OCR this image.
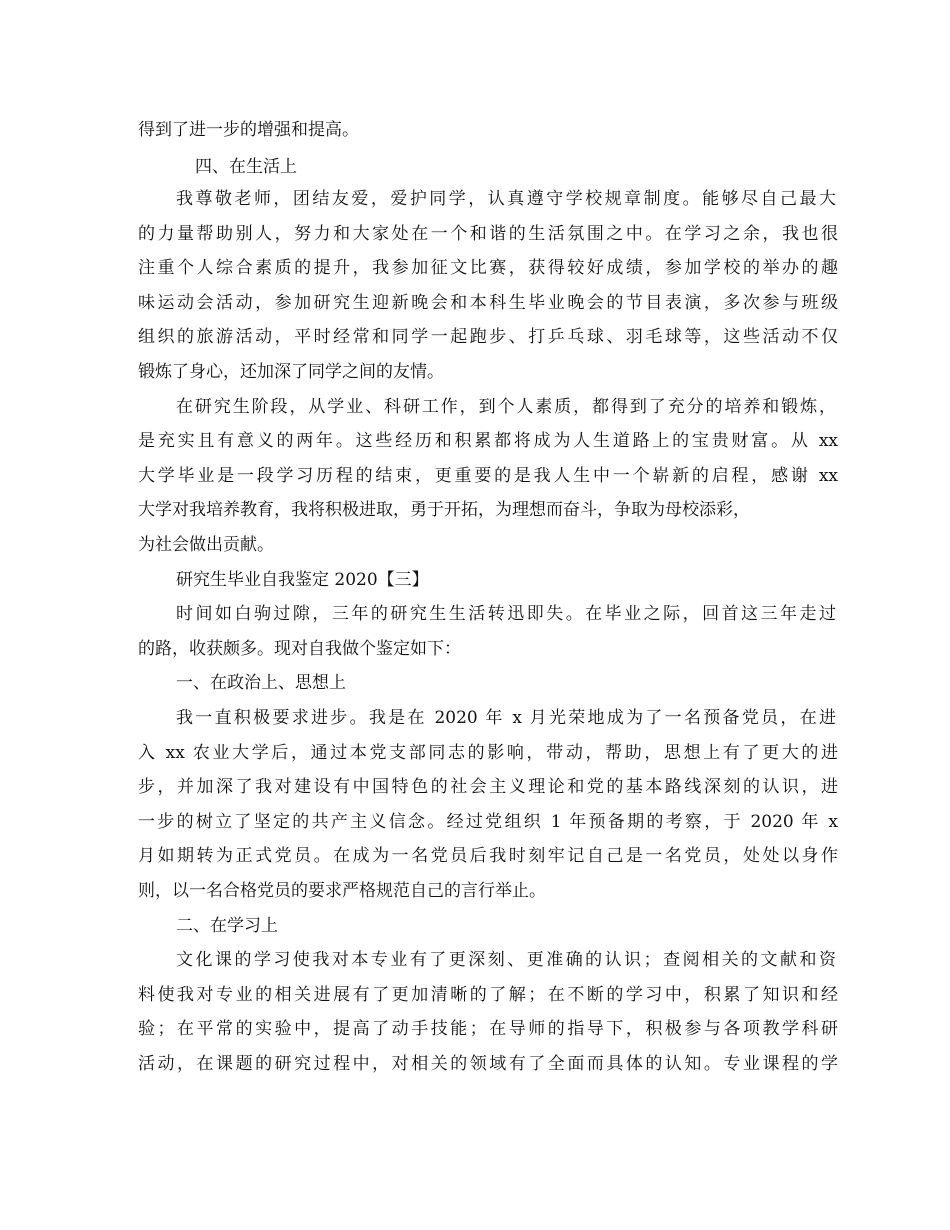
得到了进一步的增强和提高。

四、在生活上

我尊敬老师，团结友爱，爱护同学，认真遵守学校规章制度。能够尽自己最大

的力量帮助别人，努力和大家处在一个和谐的生活氛围之中。在学习之余，我也很

注重个人综合素质的提升，我参加征文比赛，获得较好成绩，参加学校的举办的趣

味运动会活动，参加研究生迎新晚会和本科生毕业晚会的节目表演，多次参与班级

组织的旅游活动，平时经常和同学一起跑步、打乒乓球、羽毛球等，这些活动不仅

锻炼了身心，还加深了同学之间的友情。

在研究生阶段，从学业、科研工作，到个人素质，都得到了充分的培养和锻炼，

是充实且有意义的两年。这些经历和积累都将成为人生道路上的宝贵财富。从 xx

大学毕业是一段学习历程的结束，更重要的是我人生中一个崭新的启程，感谢 xx

大学对我培养教育，我将积极进取，勇于开拓，为理想而奋斗，争取为母校添彩，

为社会做出贡献。

研究生毕业自我鉴定 2020【三】

时间如白驹过隙，三年的研究生生活转迅即失。在毕业之际，回首这三年走过

的路，收获颇多。现对自我做个鉴定如下：

一、在政治上、思想上

我一直积极要求进步。我是在 2020 年 x 月光荣地成为了一名预备党员，在进

入 xx 农业大学后，通过本党支部同志的影响，带动，帮助，思想上有了更大的进

步，并加深了我对建设有中国特色的社会主义理论和党的基本路线深刻的认识，进

一步的树立了坚定的共产主义信念。经过党组织 1 年预备期的考察，于 2020 年 x

月如期转为正式党员。在成为一名党员后我时刻牢记自己是一名党员，处处以身作

则，以一名合格党员的要求严格规范自己的言行举止。

二、在学习上

文化课的学习使我对本专业有了更深刻、更准确的认识；查阅相关的文献和资

料使我对专业的相关进展有了更加清晰的了解；在不断的学习中，积累了知识和经

验；在平常的实验中，提高了动手技能；在导师的指导下，积极参与各项教学科研

活动，在课题的研究过程中，对相关的领域有了全面而具体的认知。专业课程的学
